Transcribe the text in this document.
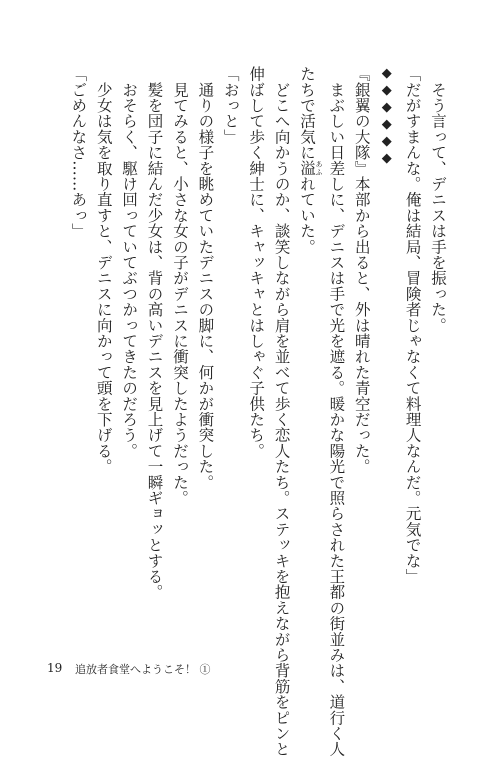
　そう言って、デニスは手を振った。
「だがすまんな。俺は結局、冒険者じゃなくて料理人なんだ。元気でな」
◆◆◆◆◆◆
『銀翼の大隊』本部から出ると、外は晴れた青空だった。
　まぶしい日差しに、デニスは手で光を遮る。暖かな陽光で照らされた王都の街並みは、道行く人
たちで活気に溢 あふれていた。
　どこへ向かうのか、談笑しながら肩を並べて歩く恋人たち。ステッキを抱えながら背筋をピンと
伸ばして歩く紳士に、キャッキャとはしゃぐ子供たち。
「おっと」
　通りの様子を眺めていたデニスの脚に、何かが衝突した。
　見てみると、小さな女の子がデニスに衝突したようだった。
　髪を団子に結んだ少女は、背の高いデニスを見上げて一瞬ギョッとする。
　おそらく、駆け回っていてぶつかってきたのだろう。
　少女は気を取り直すと、デニスに向かって頭を下げる。
「ごめんなさ……あっ」
19 追放者食堂へようこそ！ ①
